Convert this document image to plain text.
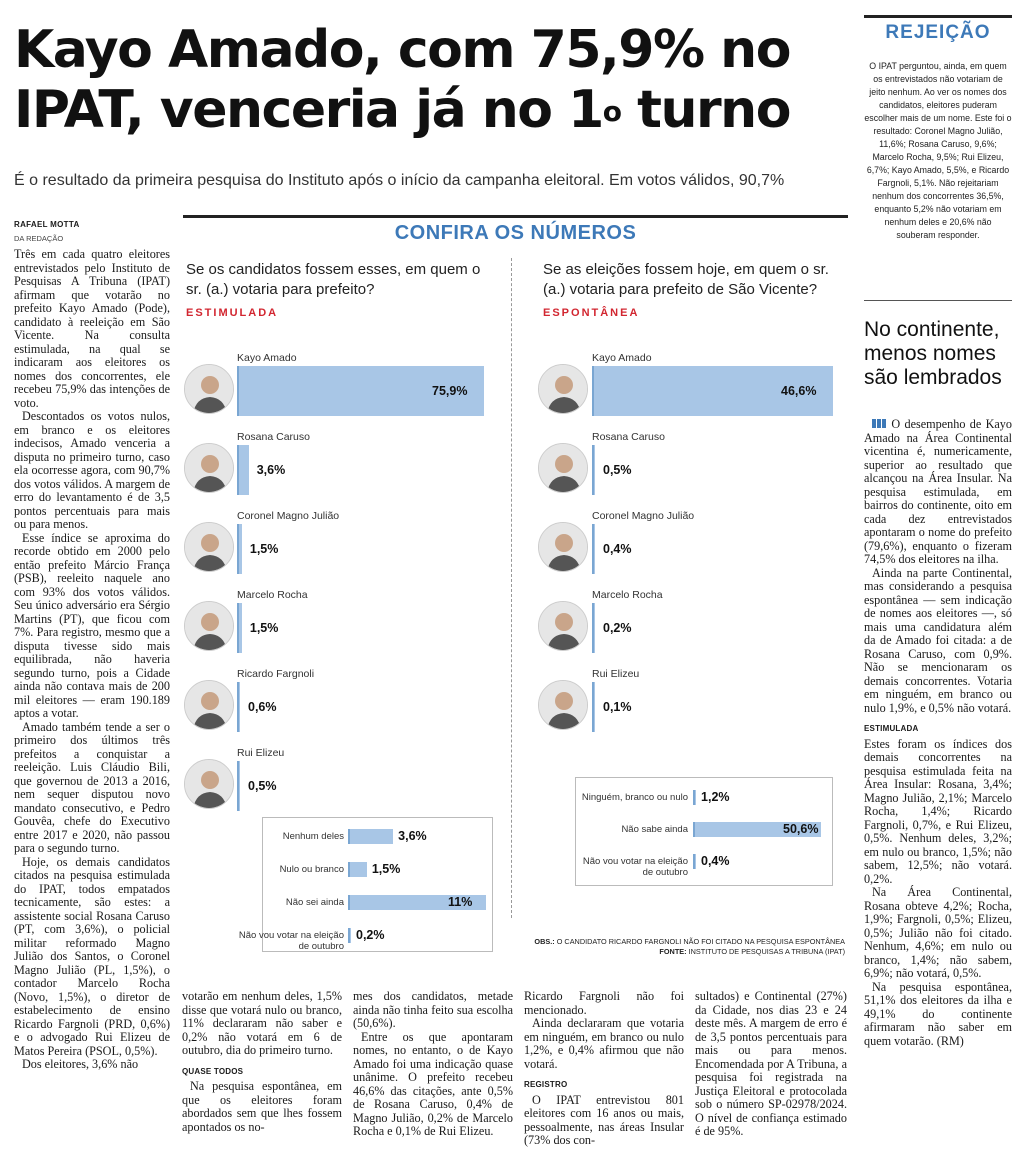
Kayo Amado, com 75,9% no
IPAT, venceria já no 1$^o$ turno
É o resultado da primeira pesquisa do Instituto após o início da campanha eleitoral. Em votos válidos, 90,7%
RAFAEL MOTTA
DA REDAÇÃO

Três em cada quatro eleitores entrevistados pelo Instituto de Pesquisas A Tribuna (IPAT) afirmam que votarão no prefeito Kayo Amado (Pode), candidato à reeleição em São Vicente. Na consulta estimulada, na qual se indicaram aos eleitores os nomes dos concorrentes, ele recebeu 75,9% das intenções de voto.

Descontados os votos nulos, em branco e os eleitores indecisos, Amado venceria a disputa no primeiro turno, caso ela ocorresse agora, com 90,7% dos votos válidos. A margem de erro do levantamento é de 3,5 pontos percentuais para mais ou para menos.

Esse índice se aproxima do recorde obtido em 2000 pelo então prefeito Márcio França (PSB), reeleito naquele ano com 93% dos votos válidos. Seu único adversário era Sérgio Martins (PT), que ficou com 7%. Para registro, mesmo que a disputa tivesse sido mais equilibrada, não haveria segundo turno, pois a Cidade ainda não contava mais de 200 mil eleitores — eram 190.189 aptos a votar.

Amado também tende a ser o primeiro dos últimos três prefeitos a conquistar a reeleição. Luis Cláudio Bili, que governou de 2013 a 2016, nem sequer disputou novo mandato consecutivo, e Pedro Gouvêa, chefe do Executivo entre 2017 e 2020, não passou para o segundo turno.

Hoje, os demais candidatos citados na pesquisa estimulada do IPAT, todos empatados tecnicamente, são estes: a assistente social Rosana Caruso (PT, com 3,6%), o policial militar reformado Magno Julião dos Santos, o Coronel Magno Julião (PL, 1,5%), o contador Marcelo Rocha (Novo, 1,5%), o diretor de estabelecimento de ensino Ricardo Fargnoli (PRD, 0,6%) e o advogado Rui Elizeu de Matos Pereira (PSOL, 0,5%).

Dos eleitores, 3,6% não

CONFIRA OS NÚMEROS
Se os candidatos fossem esses, em quem o sr. (a.) votaria para prefeito?
ESTIMULADA
Se as eleições fossem hoje, em quem o sr. (a.) votaria para prefeito de São Vicente?
ESPONTÂNEA
Kayo Amado
75,9%
Rosana Caruso
3,6%
Coronel Magno Julião
1,5%
Marcelo Rocha
1,5%
Ricardo Fargnoli
0,6%
Rui Elizeu
0,5%
Kayo Amado
46,6%
Rosana Caruso
0,5%
Coronel Magno Julião
0,4%
Marcelo Rocha
0,2%
Rui Elizeu
0,1%
Nenhum deles	3,6%
Nulo ou branco 1,5%
Não sei ainda	11%
Não vou votar na eleição de outubro
0,2%
Ninguém, branco ou nulo 1,2%
Não sabe ainda	50,6%
Não vou votar na eleição de outubro
0,4%
OBS.: O CANDIDATO RICARDO FARGNOLI NÃO FOI CITADO NA PESQUISA ESPONTÂNEA
FONTE: INSTITUTO DE PESQUISAS A TRIBUNA (IPAT)

votarão em nenhum deles, 1,5% disse que votará nulo ou branco, 11% declararam não saber e 0,2% não votará em 6 de outubro, dia do primeiro turno.

QUASE TODOS

Na pesquisa espontânea, em que os eleitores foram abordados sem que lhes fossem apontados os no-

mes dos candidatos, metade ainda não tinha feito sua escolha (50,6%).

Entre os que apontaram nomes, no entanto, o de Kayo Amado foi uma indicação quase unânime. O prefeito recebeu 46,6% das citações, ante 0,5% de Rosana Caruso, 0,4% de Magno Julião, 0,2% de Marcelo Rocha e 0,1% de Rui Elizeu.

Ricardo Fargnoli não foi mencionado.

Ainda declararam que votaria em ninguém, em branco ou nulo 1,2%, e 0,4% afirmou que não votará.

REGISTRO

O IPAT entrevistou 801 eleitores com 16 anos ou mais, pessoalmente, nas áreas Insular (73% dos con-

sultados) e Continental (27%) da Cidade, nos dias 23 e 24 deste mês. A margem de erro é de 3,5 pontos percentuais para mais ou para menos. Encomendada por A Tribuna, a pesquisa foi registrada na Justiça Eleitoral e protocolada sob o número SP-02978/2024. O nível de confiança estimado é de 95%.

REJEIÇÃO
O IPAT perguntou, ainda, em quem os entrevistados não votariam de jeito nenhum. Ao ver os nomes dos candidatos, eleitores puderam escolher mais de um nome. Este foi o resultado: Coronel Magno Julião, 11,6%; Rosana Caruso, 9,6%; Marcelo Rocha, 9,5%; Rui Elizeu, 6,7%; Kayo Amado, 5,5%, e Ricardo Fargnoli, 5,1%. Não rejeitariam nenhum dos concorrentes 36,5%, enquanto 5,2% não votariam em nenhum deles e 20,6% não souberam responder.
No continente, menos nomes são lembrados

O desempenho de Kayo Amado na Área Continental vicentina é, numericamente, superior ao resultado que alcançou na Área Insular. Na pesquisa estimulada, em bairros do continente, oito em cada dez entrevistados apontaram o nome do prefeito (79,6%), enquanto o fizeram 74,5% dos eleitores na ilha.

Ainda na parte Continental, mas considerando a pesquisa espontânea — sem indicação de nomes aos eleitores —, só mais uma candidatura além da de Amado foi citada: a de Rosana Caruso, com 0,9%. Não se mencionaram os demais concorrentes. Votaria em ninguém, em branco ou nulo 1,9%, e 0,5% não votará.

ESTIMULADA

Estes foram os índices dos demais concorrentes na pesquisa estimulada feita na Área Insular: Rosana, 3,4%; Magno Julião, 2,1%; Marcelo Rocha, 1,4%; Ricardo Fargnoli, 0,7%, e Rui Elizeu, 0,5%. Nenhum deles, 3,2%; em nulo ou branco, 1,5%; não sabem, 12,5%; não votará. 0,2%.

Na Área Continental, Rosana obteve 4,2%; Rocha, 1,9%; Fargnoli, 0,5%; Elizeu, 0,5%; Julião não foi citado. Nenhum, 4,6%; em nulo ou branco, 1,4%; não sabem, 6,9%; não votará, 0,5%.

Na pesquisa espontânea, 51,1% dos eleitores da ilha e 49,1% do continente afirmaram não saber em quem votarão. (RM)
